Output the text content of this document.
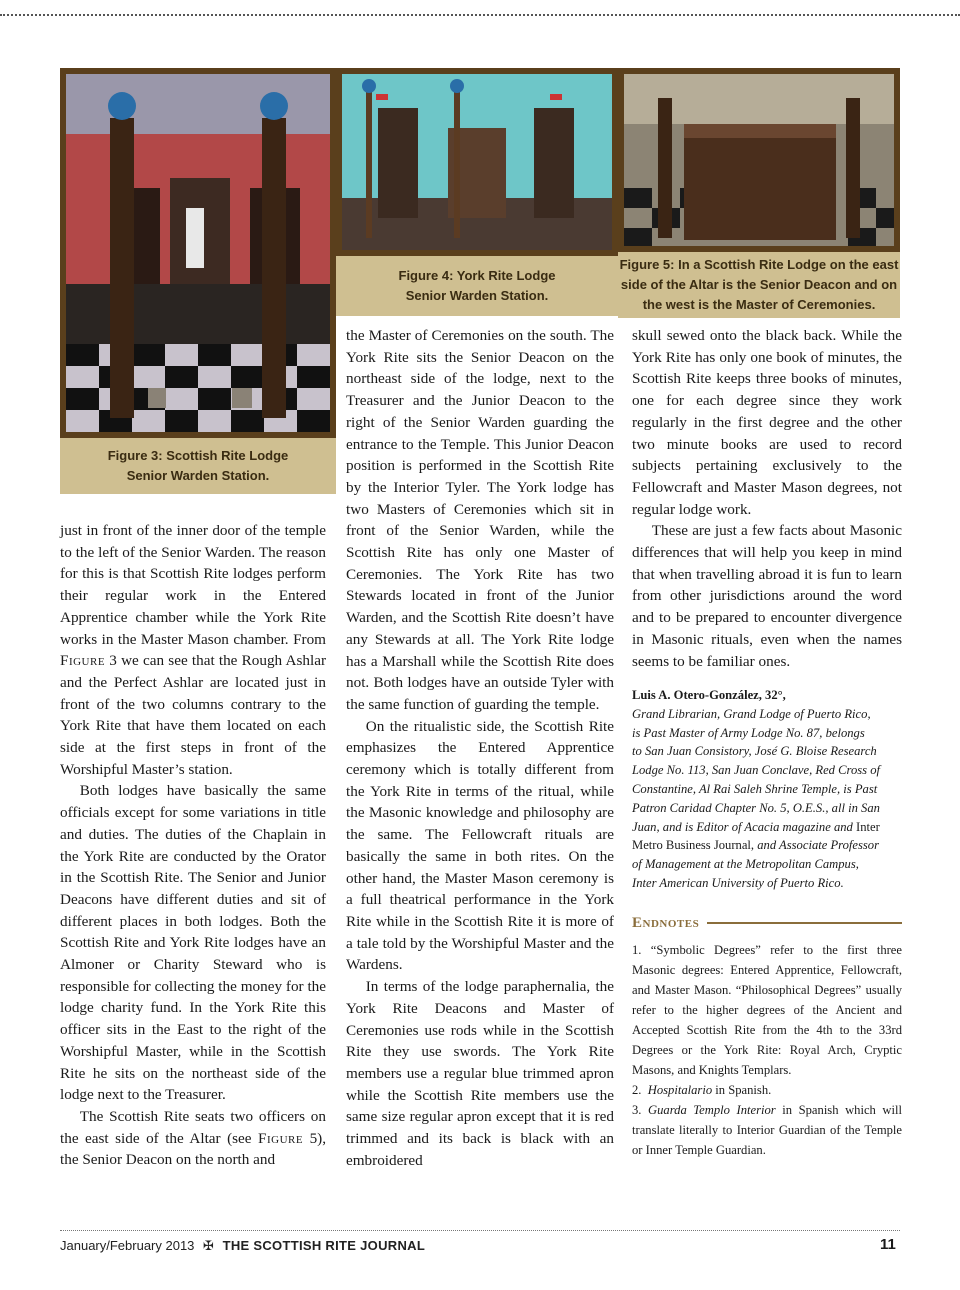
Figure 3: Scottish Rite Lodge
Senior Warden Station.
Figure 4: York Rite Lodge
Senior Warden Station.
Figure 5: In a Scottish Rite Lodge on the east
side of the Altar is the Senior Deacon and on
the west is the Master of Ceremonies.

just in front of the inner door of the temple to the left of the Senior Warden. The reason for this is that Scottish Rite lodges perform their regular work in the Entered Apprentice chamber while the York Rite works in the Master Mason chamber. From Figure 3 we can see that the Rough Ashlar and the Perfect Ashlar are located just in front of the two columns contrary to the York Rite that have them located on each side at the first steps in front of the Worshipful Master’s station.

Both lodges have basically the same officials except for some variations in title and duties. The duties of the Chaplain in the York Rite are conducted by the Orator in the Scottish Rite. The Senior and Junior Deacons have different duties and sit of different places in both lodges. Both the Scottish Rite and York Rite lodges have an Almoner or Charity Steward who is responsible for collecting the money for the lodge charity fund. In the York Rite this officer sits in the East to the right of the Worshipful Master, while in the Scottish Rite he sits on the northeast side of the lodge next to the Treasurer.

The Scottish Rite seats two officers on the east side of the Altar (see Figure 5), the Senior Deacon on the north and

the Master of Ceremonies on the south. The York Rite sits the Senior Deacon on the northeast side of the lodge, next to the Treasurer and the Junior Deacon to the right of the Senior Warden guarding the entrance to the Temple. This Junior Deacon position is performed in the Scottish Rite by the Interior Tyler. The York lodge has two Masters of Ceremonies which sit in front of the Senior Warden, while the Scottish Rite has only one Master of Ceremonies. The York Rite has two Stewards located in front of the Junior Warden, and the Scottish Rite doesn’t have any Stewards at all. The York Rite lodge has a Marshall while the Scottish Rite does not. Both lodges have an outside Tyler with the same function of guarding the temple.

On the ritualistic side, the Scottish Rite emphasizes the Entered Apprentice ceremony which is totally different from the York Rite in terms of the ritual, while the Masonic knowledge and philosophy are the same. The Fellowcraft rituals are basically the same in both rites. On the other hand, the Master Mason ceremony is a full theatrical performance in the York Rite while in the Scottish Rite it is more of a tale told by the Worshipful Master and the Wardens.

In terms of the lodge paraphernalia, the York Rite Deacons and Master of Ceremonies use rods while in the Scottish Rite they use swords. The York Rite members use a regular blue trimmed apron while the Scottish Rite members use the same size regular apron except that it is red trimmed and its back is black with an embroidered

skull sewed onto the black back. While the York Rite has only one book of minutes, the Scottish Rite keeps three books of minutes, one for each degree since they work regularly in the first degree and the other two minute books are used to record subjects pertaining exclusively to the Fellowcraft and Master Mason degrees, not regular lodge work.

These are just a few facts about Masonic differences that will help you keep in mind that when travelling abroad it is fun to learn from other jurisdictions around the word and to be prepared to encounter divergence in Masonic rituals, even when the names seems to be familiar ones.

Luis A. Otero-González, 32°,
Grand Librarian, Grand Lodge of Puerto Rico,
is Past Master of Army Lodge No. 87, belongs
to San Juan Consistory, José G. Bloise Research
Lodge No. 113, San Juan Conclave, Red Cross of
Constantine, Al Rai Saleh Shrine Temple, is Past
Patron Caridad Chapter No. 5, O.E.S., all in San
Juan, and is Editor of Acacia magazine and Inter
Metro Business Journal, and Associate Professor
of Management at the Metropolitan Campus,
Inter American University of Puerto Rico.
Endnotes

1. “Symbolic Degrees” refer to the first three Masonic degrees: Entered Apprentice, Fellowcraft, and Master Mason. “Philosophical Degrees” usually refer to the higher degrees of the Ancient and Accepted Scottish Rite from the 4th to the 33rd Degrees or the York Rite: Royal Arch, Cryptic Masons, and Knights Templars.

2. Hospitalario in Spanish.

3. Guarda Templo Interior in Spanish which will translate literally to Interior Guardian of the Temple or Inner Temple Guardian.

January/February 2013 ✠ THE SCOTTISH RITE JOURNAL	11
